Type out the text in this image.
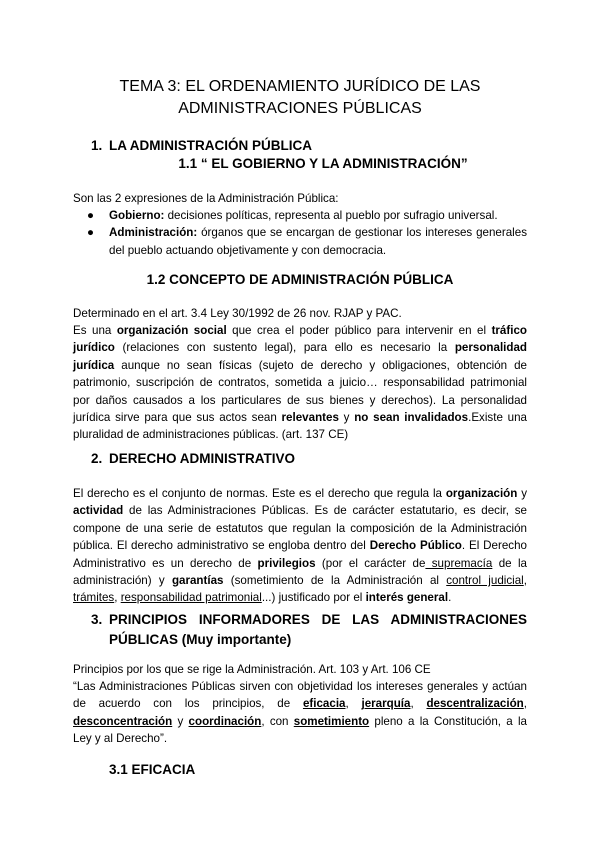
TEMA 3: EL ORDENAMIENTO JURÍDICO DE LAS
ADMINISTRACIONES PÚBLICAS
1. LA ADMINISTRACIÓN PÚBLICA
1.1 “ EL GOBIERNO Y LA ADMINISTRACIÓN”
Son las 2 expresiones de la Administración Pública:
● Gobierno: decisiones políticas, representa al pueblo por sufragio universal.
● Administración: órganos que se encargan de gestionar los intereses generales del pueblo actuando objetivamente y con democracia.
1.2 CONCEPTO DE ADMINISTRACIÓN PÚBLICA
Determinado en el art. 3.4 Ley 30/1992 de 26 nov. RJAP y PAC.
Es una organización social que crea el poder público para intervenir en el tráfico jurídico (relaciones con sustento legal), para ello es necesario la personalidad jurídica aunque no sean físicas (sujeto de derecho y obligaciones, obtención de patrimonio, suscripción de contratos, sometida a juicio… responsabilidad patrimonial por daños causados a los particulares de sus bienes y derechos). La personalidad jurídica sirve para que sus actos sean relevantes y no sean invalidados.Existe una pluralidad de administraciones públicas. (art. 137 CE)
2. DERECHO ADMINISTRATIVO
El derecho es el conjunto de normas. Este es el derecho que regula la organización y actividad de las Administraciones Públicas. Es de carácter estatutario, es decir, se compone de una serie de estatutos que regulan la composición de la Administración pública. El derecho administrativo se engloba dentro del Derecho Público. El Derecho Administrativo es un derecho de privilegios (por el carácter de supremacía de la administración) y garantías (sometimiento de la Administración al control judicial, trámites, responsabilidad patrimonial...) justificado por el interés general.
3. PRINCIPIOS INFORMADORES DE LAS ADMINISTRACIONES PÚBLICAS (Muy importante)
Principios por los que se rige la Administración. Art. 103 y Art. 106 CE
“Las Administraciones Públicas sirven con objetividad los intereses generales y actúan de acuerdo con los principios, de eficacia, jerarquía, descentralización, desconcentración y coordinación, con sometimiento pleno a la Constitución, a la Ley y al Derecho”.
3.1 EFICACIA
